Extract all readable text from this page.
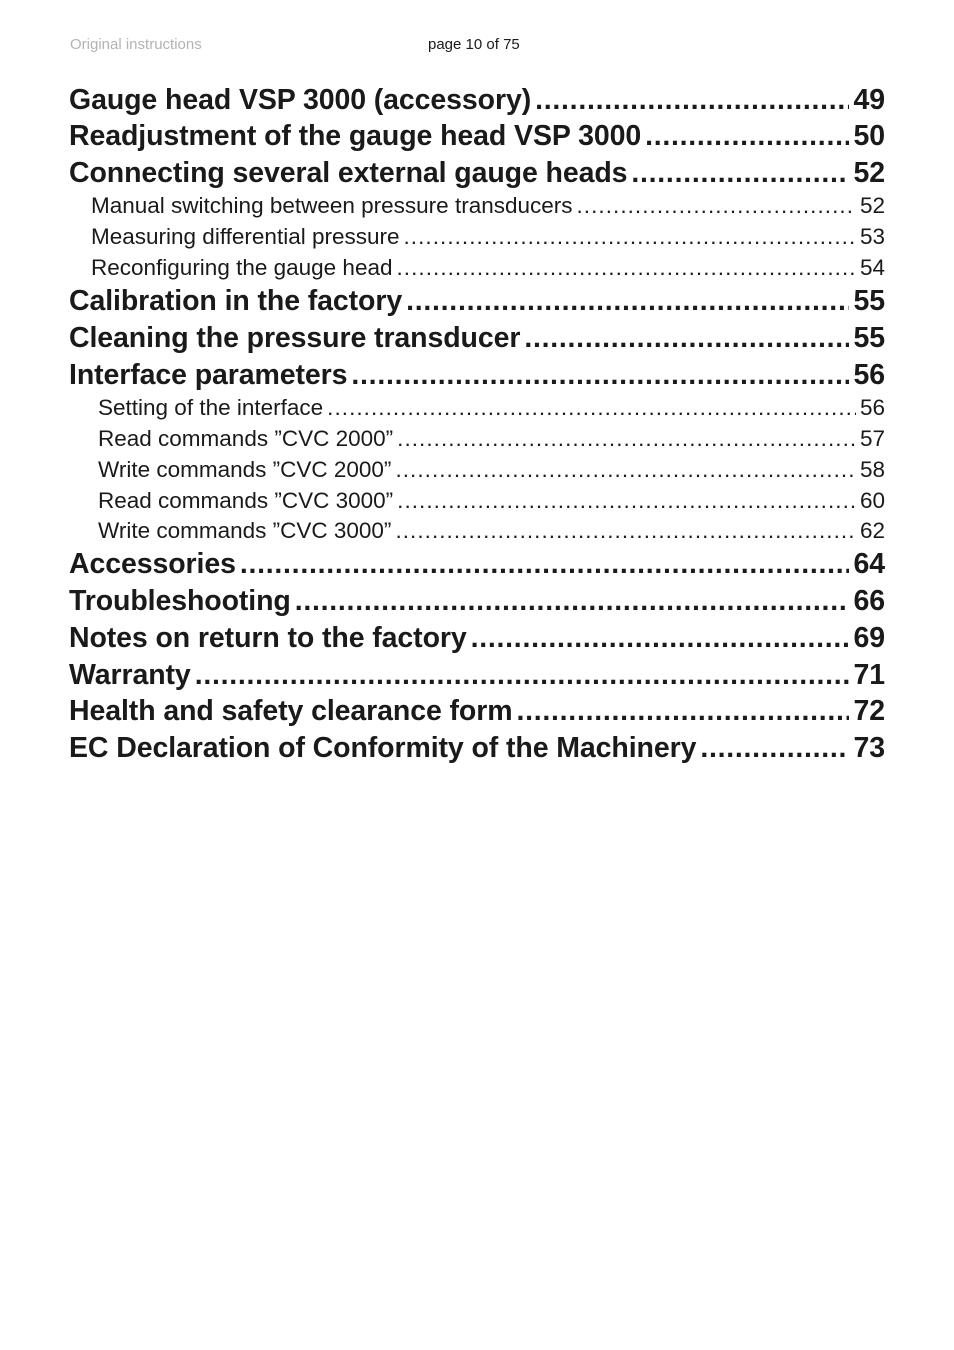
Original instructions	page 10 of 75
Gauge head VSP 3000 (accessory) . . .	49
Readjustment of the gauge head VSP 3000 . . .	50
Connecting several external gauge heads . . .	52
Manual switching between pressure transducers . . .	52
Measuring differential pressure . . .	53
Reconfiguring the gauge head . . .	54
Calibration in the factory . . .	55
Cleaning the pressure transducer . . .	55
Interface parameters . . .	56
Setting of the interface . . .	56
Read commands ”CVC 2000” . . .	57
Write commands ”CVC 2000” . . .	58
Read commands ”CVC 3000” . . .	60
Write commands ”CVC 3000” . . .	62
Accessories . . .	64
Troubleshooting . . .	66
Notes on return to the factory . . .	69
Warranty . . .	71
Health and safety clearance form . . .	72
EC Declaration of Conformity of the Machinery . . .	73
